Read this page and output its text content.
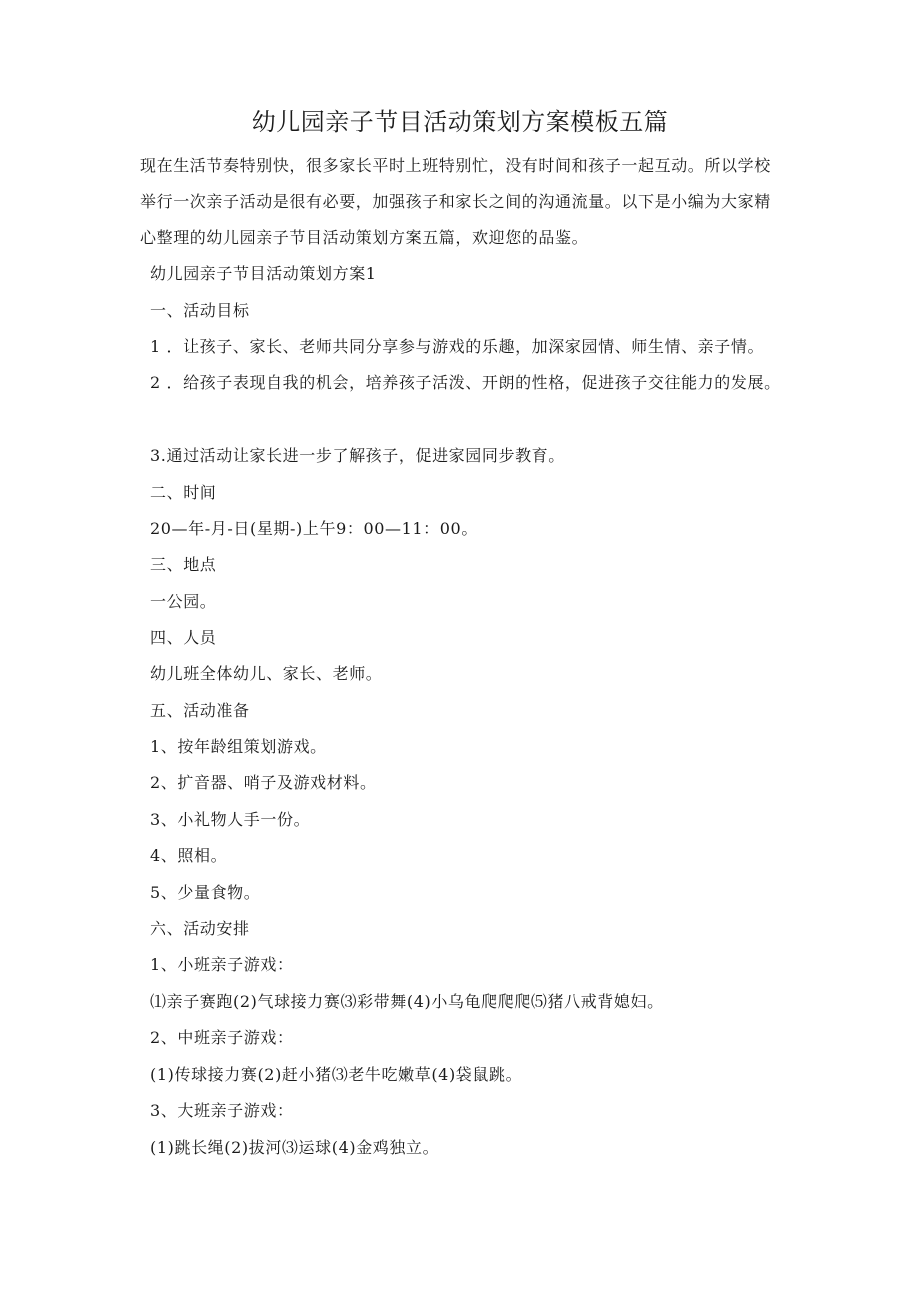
幼儿园亲子节目活动策划方案模板五篇

现在生活节奏特别快，很多家长平时上班特别忙，没有时间和孩子一起互动。所以学校

举行一次亲子活动是很有必要，加强孩子和家长之间的沟通流量。以下是小编为大家精

心整理的幼儿园亲子节目活动策划方案五篇，欢迎您的品鉴。

幼儿园亲子节目活动策划方案1
一、活动目标
1 ．让孩子、家长、老师共同分享参与游戏的乐趣，加深家园情、师生情、亲子情。
2 ．给孩子表现自我的机会，培养孩子活泼、开朗的性格，促进孩子交往能力的发展。
3.通过活动让家长进一步了解孩子，促进家园同步教育。
二、时间
20—年-月-日(星期-)上午9：00—11：00。
三、地点
一公园。
四、人员
幼儿班全体幼儿、家长、老师。
五、活动准备
1、按年龄组策划游戏。
2、扩音器、哨子及游戏材料。
3、小礼物人手一份。
4、照相。
5、少量食物。
六、活动安排
1、小班亲子游戏：
⑴亲子赛跑(2)气球接力赛⑶彩带舞(4)小乌龟爬爬爬⑸猪八戒背媳妇。
2、中班亲子游戏：
(1)传球接力赛(2)赶小猪⑶老牛吃嫩草(4)袋鼠跳。
3、大班亲子游戏：
(1)跳长绳(2)拔河⑶运球(4)金鸡独立。
